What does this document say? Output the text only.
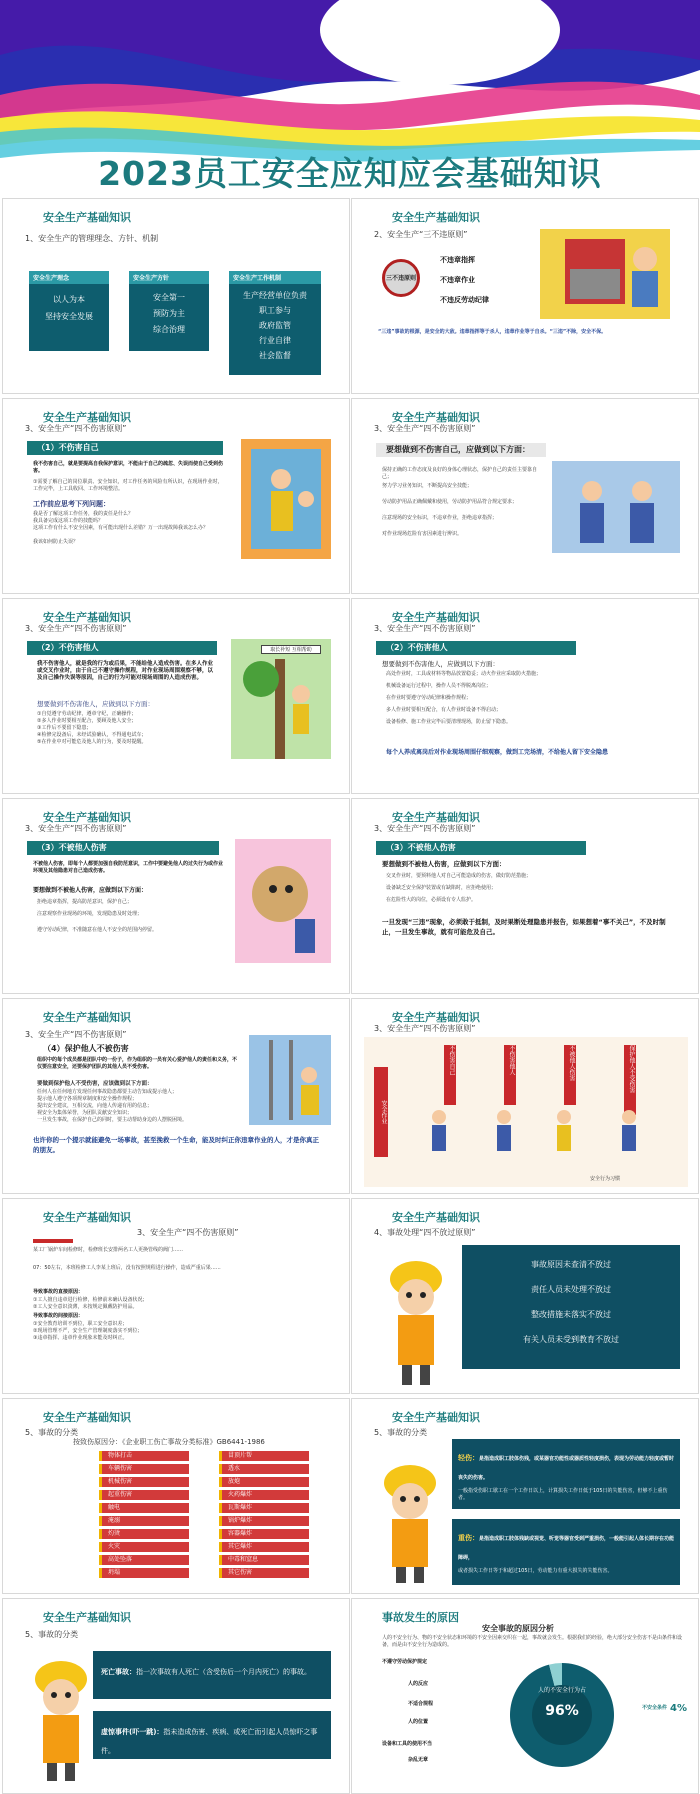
2023员工安全应知应会基础知识
安全生产基础知识
1、安全生产的管理理念、方针、机制
安全生产理念
以人为本
坚持安全发展
安全生产方针
安全第一
预防为主
综合治理
安全生产工作机制
生产经营单位负责
职工参与
政府监管
行业自律
社会监督
安全生产基础知识
2、安全生产“三不违原则”
三不违原则
不违章指挥
不违章作业
不违反劳动纪律
“三违”事故的根源，是安全的大敌。违章指挥等于杀人，违章作业等于自杀。“三违”不除，安全不保。
安全生产基础知识
3、安全生产“四不伤害原则”
（1）不伤害自己
我不伤害自己，就是要提高自我保护意识，不能由于自己的疏忽、失误而使自己受到伤害。
①需要了解自己的岗位职责、安全知识，对工作任务的风险有所认识，在现场作业时，工作完毕，上工具收回、工作环境整洁。
工作前应思考下列问题：
我是否了解这项工作任务，我的责任是什么？
我具备完成这项工作的技能吗？
这项工作有什么不安全因素，有可能出现什么差错？万一出现故障我该怎么办？
我该如何防止失误？
安全生产基础知识
3、安全生产“四不伤害原则”
要想做到不伤害自己，应做到以下方面：
保持正确的工作态度及良好的身体心理状态，保护自己的责任主要靠自己；
努力学习业务知识，不断提高安全技能；
劳动防护用品正确佩戴和使用，劳动防护用品符合规定要求；
注意现场的安全标识，不违章作业，拒绝违章指挥；
对作业现场危险有害因素进行辨识。
安全生产基础知识
3、安全生产“四不伤害原则”
（2）不伤害他人
我不伤害他人，就是我的行为或后果，不能给他人造成伤害。在多人作业或交叉作业时，由于自己不遵守操作规程，对作业现场周围观察不够，以及自己操作失误等原因，自己的行为可能对现场周围的人造成伤害。
想要做到不伤害他人，应做到以下方面：
①自觉遵守劳动纪律，遵章守纪，正确操作；
②多人作业时要相互配合，要顾及他人安全；
③工作后不要留下隐患；
④检修完设备后，未经试验确认，不得通电试车；
⑤在作业中对可能危及他人的行为，要及时提醒。
取长补短 互相帮助
安全生产基础知识
3、安全生产“四不伤害原则”
（2）不伤害他人
想要做到不伤害他人，应做到以下方面：
高处作业时，工具或材料等物品放置稳妥；动火作业应采取防火措施；
机械设备运行过程中，操作人员不得脱离岗位；
在作业时要遵守劳动纪律和操作规程；
多人作业时要相互配合，有人作业时设备不得启动；
设备检修、施工作业完毕后要清理现场，防止留下隐患。
每个人养成离岗后对作业现场周围仔细观察，做到工完场清，不给他人留下安全隐患
安全生产基础知识
3、安全生产“四不伤害原则”
（3）不被他人伤害
不被他人伤害，即每个人都要加强自我防范意识，工作中要避免他人的过失行为或作业环境及其他隐患对自己造成伤害。
要想做到不被他人伤害，应做到以下方面：
拒绝违章指挥，提高防范意识，保护自己；
注意观察作业现场的环境，发现隐患及时处理；
遵守劳动纪律，不准随意在他人不安全的范围内停留。
安全生产基础知识
3、安全生产“四不伤害原则”
（3）不被他人伤害
要想做到不被他人伤害，应做到以下方面：
交叉作业时，要预料他人对自己可能造成的伤害，做好防范措施；
设备缺乏安全保护装置或有缺陷时，应拒绝使用；
在危险性大的岗位，必须设有专人监护。
一旦发现“三违”现象，必须敢于抵制，及时果断处理隐患并报告，如果想着“事不关己”，不及时制止，一旦发生事故，就有可能危及自己。
安全生产基础知识
3、安全生产“四不伤害原则”
（4）保护他人不被伤害
组织中的每个成员都是团队中的一份子，作为组织的一员有关心爱护他人的责任和义务，不仅要注意安全，还要保护团队的其他人员不受伤害。
要做到保护他人不受伤害，应该做到以下方面：
任何人在任何地方发现任何事故隐患都要主动告知或提示他人；
提示他人遵守各项规章制度和安全操作规程；
提出安全建议，互相交流，向他人传递有用的信息；
视安全为集体荣誉，为团队贡献安全知识；
一旦发生事故，在保护自己的同时，要主动帮助身边的人摆脱困境。
也许你的一个提示就能避免一场事故，甚至挽救一个生命，能及时纠正你违章作业的人，才是你真正的朋友。
安全生产基础知识
3、安全生产“四不伤害原则”
安全作业
不伤害自己	不伤害他人	不被他人伤害	保护他人不受伤害
安全行为习惯
安全生产基础知识
3、安全生产“四不伤害原则”
某工厂锅炉车间检修时，检修班长安排两名工人更换管线的阀门……
07：50左右，本班检修工人李某上班后，没有按照规程进行操作，造成严重后果……
导致事故的直接原因：
①工人擅自违章进行检修，检修前未确认设备状况；
②工人安全意识淡薄，未按规定佩戴防护用品。
导致事故的间接原因：
①安全教育培训不到位，职工安全意识差；
②现场管理不严，安全生产管理制度落实不到位；
③违章指挥、违章作业现象未能及时纠正。
安全生产基础知识
4、事故处理“四不放过原则”
事故原因未查清不放过
责任人员未处理不放过
整改措施未落实不放过
有关人员未受到教育不放过
安全生产基础知识
5、事故的分类
按致伤原因分：《企业职工伤亡事故分类标准》GB6441-1986
物体打击
车辆伤害
机械伤害
起重伤害
触电
淹溺
灼烫
火灾
高处坠落
坍塌
冒顶片帮
透水
放炮
火药爆炸
瓦斯爆炸
锅炉爆炸
容器爆炸
其它爆炸
中毒和窒息
其它伤害
安全生产基础知识
5、事故的分类
轻伤：是指造成职工肢体伤残，或某器官功能性或器质性轻度损伤，表现为劳动能力轻度或暂时丧失的伤害。
一般指受伤职工歇工在一个工作日以上，计算损失工作日低于105日的失能伤害，但够不上重伤者。
重伤：是指造成职工肢体残缺或视觉、听觉等器官受到严重损伤，一般能引起人体长期存在功能障碍，
或者损失工作日等于和超过105日，劳动能力有重大损失的失能伤害。
安全生产基础知识
5、事故的分类
死亡事故：指一次事故有人死亡（含受伤后一个月内死亡）的事故。
虚惊事件(吓一跳)：指未造成伤害、疾病、或死亡而引起人员惊吓之事件。
事故发生的原因
安全事故的原因分析
人的不安全行为、物的不安全状态和环境的不安全因素交织在一起，事故就会发生。根据我们的经验，绝大部分安全伤害不是由条件和设备，而是由不安全行为造成的。
不遵守劳动保护规定
人的反应
不适合规程
人的位置
设备和工具的使用不当
杂乱无章
人的不安全行为占
96%	不安全条件 4%
